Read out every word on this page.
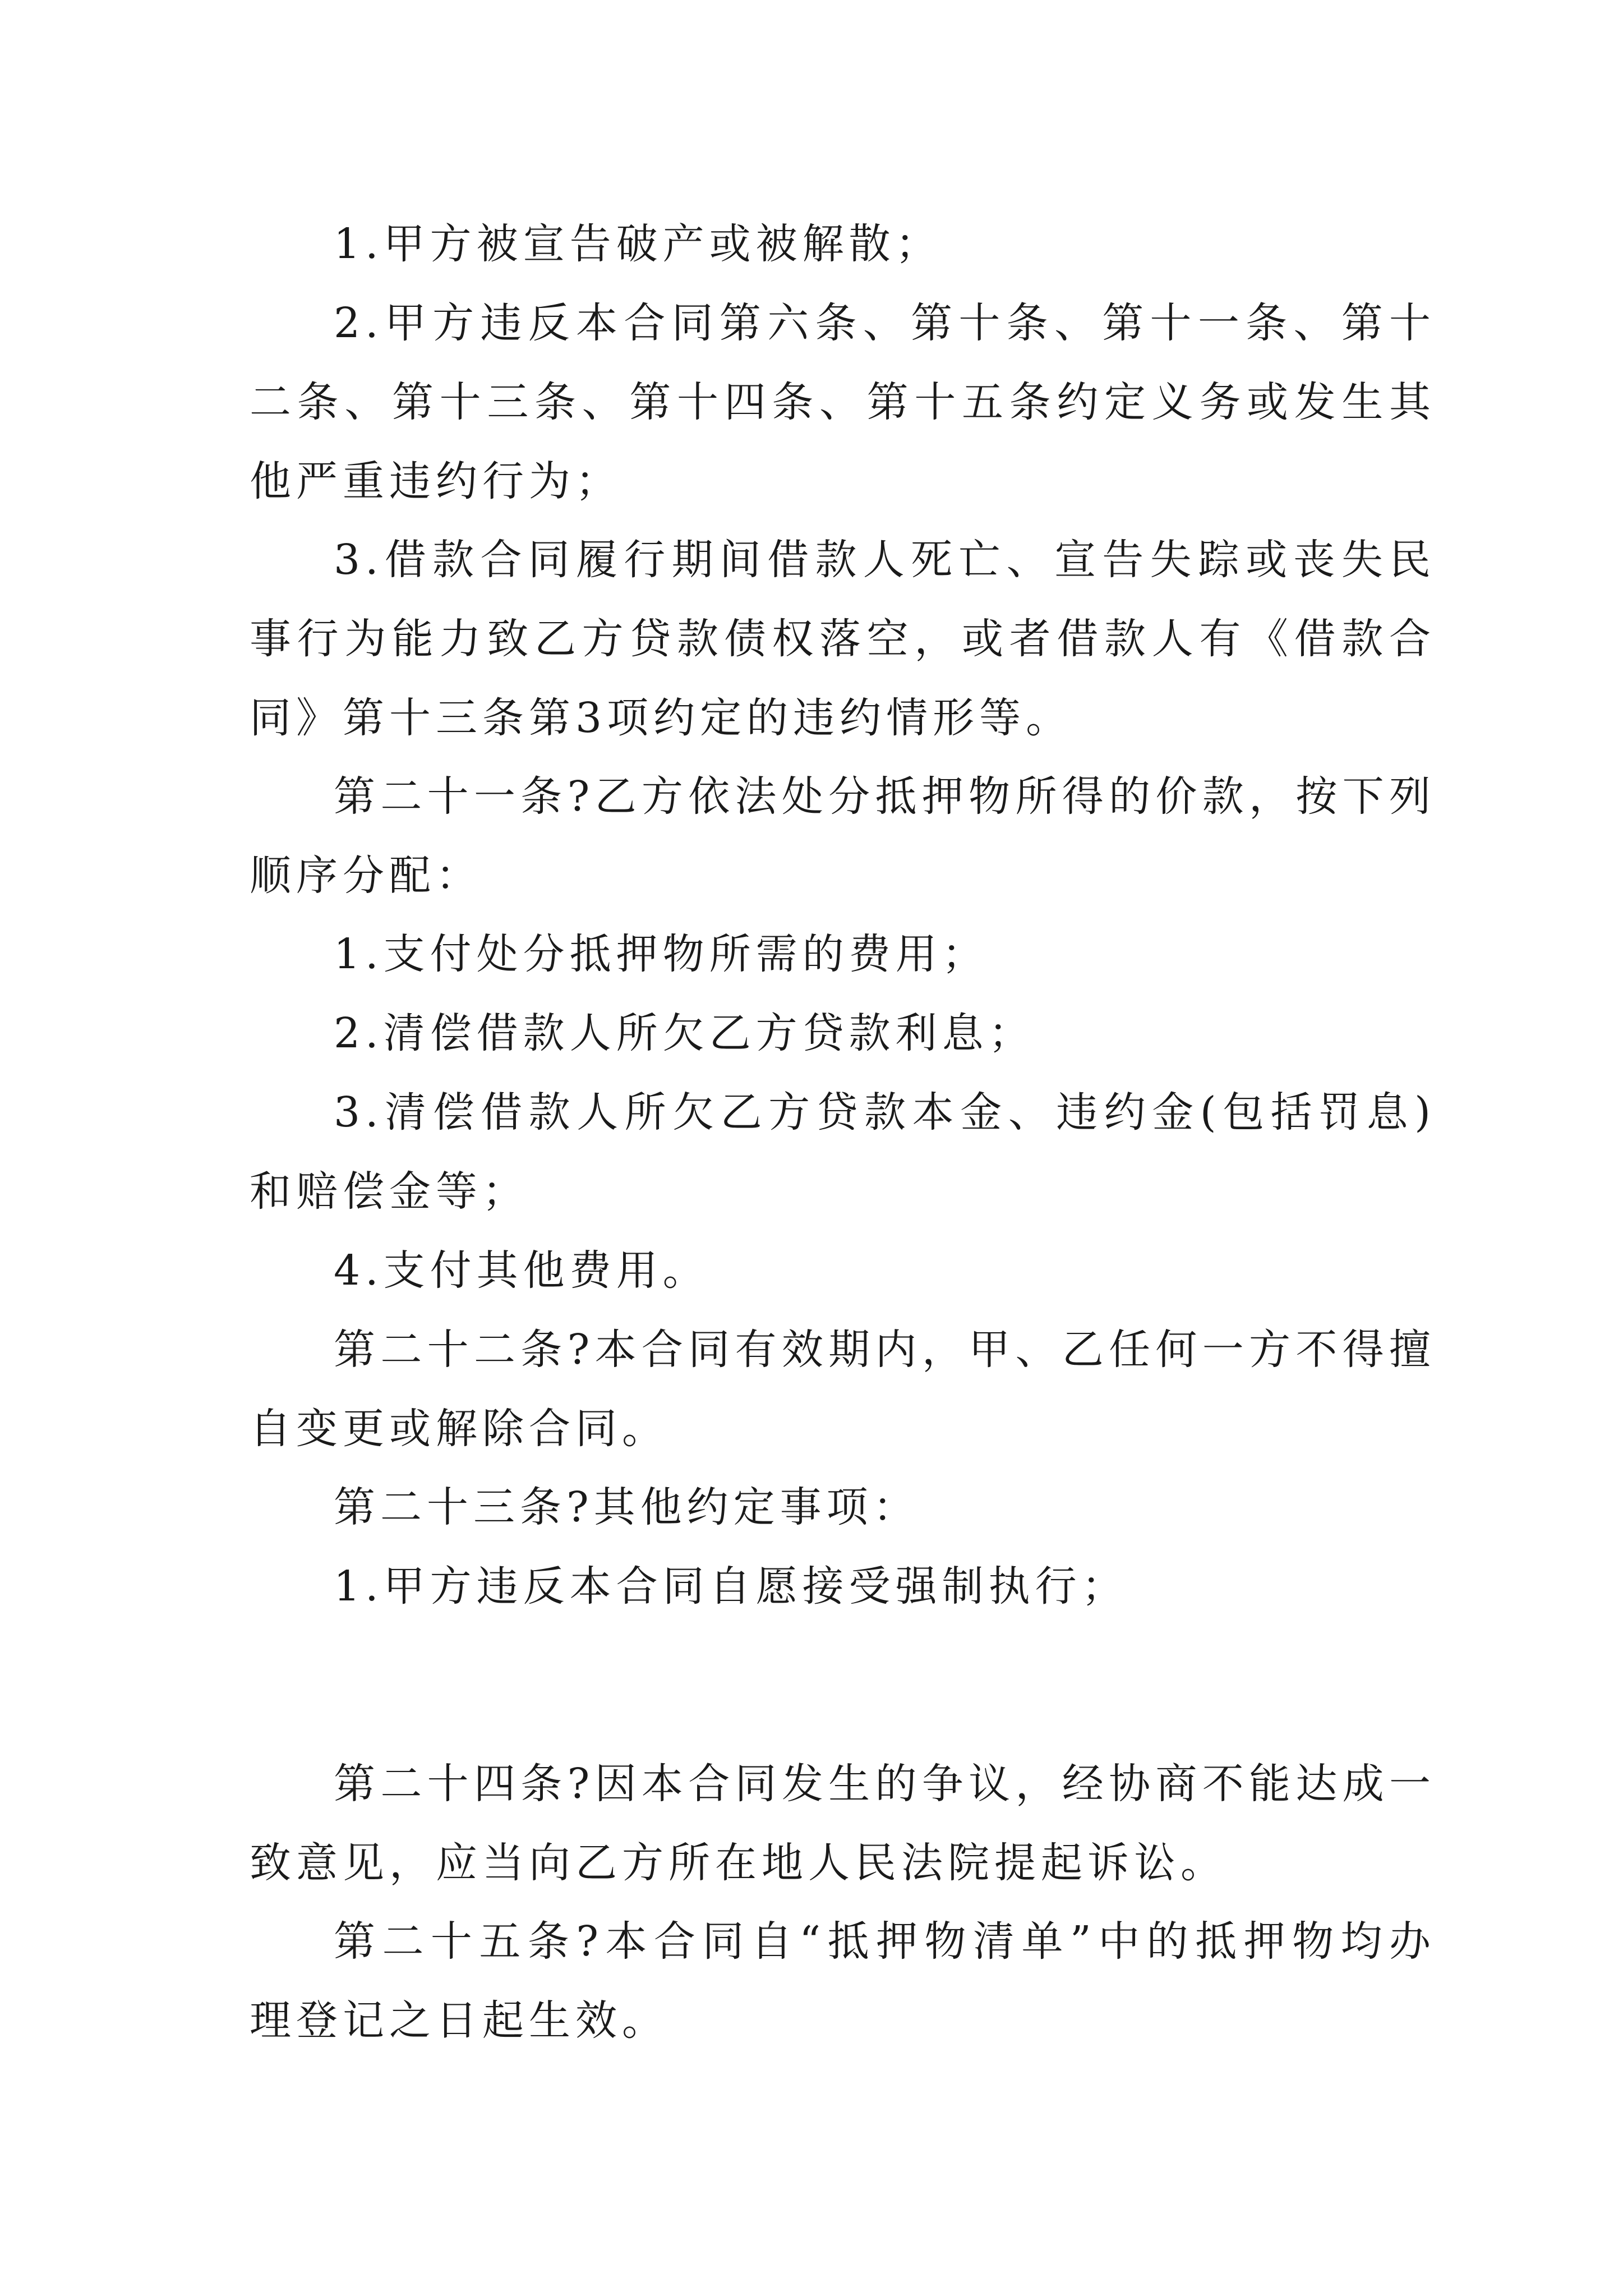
1.甲方被宣告破产或被解散；

2.甲方违反本合同第六条、第十条、第十一条、第十二条、第十三条、第十四条、第十五条约定义务或发生其他严重违约行为；

3.借款合同履行期间借款人死亡、宣告失踪或丧失民事行为能力致乙方贷款债权落空，或者借款人有《借款合同》第十三条第3项约定的违约情形等。

第二十一条?乙方依法处分抵押物所得的价款，按下列顺序分配：

1.支付处分抵押物所需的费用；

2.清偿借款人所欠乙方贷款利息；

3.清偿借款人所欠乙方贷款本金、违约金(包括罚息)和赔偿金等；

4.支付其他费用。

第二十二条?本合同有效期内，甲、乙任何一方不得擅自变更或解除合同。

第二十三条?其他约定事项：

1.甲方违反本合同自愿接受强制执行；

第二十四条?因本合同发生的争议，经协商不能达成一致意见，应当向乙方所在地人民法院提起诉讼。

第二十五条?本合同自“抵押物清单”中的抵押物均办理登记之日起生效。
